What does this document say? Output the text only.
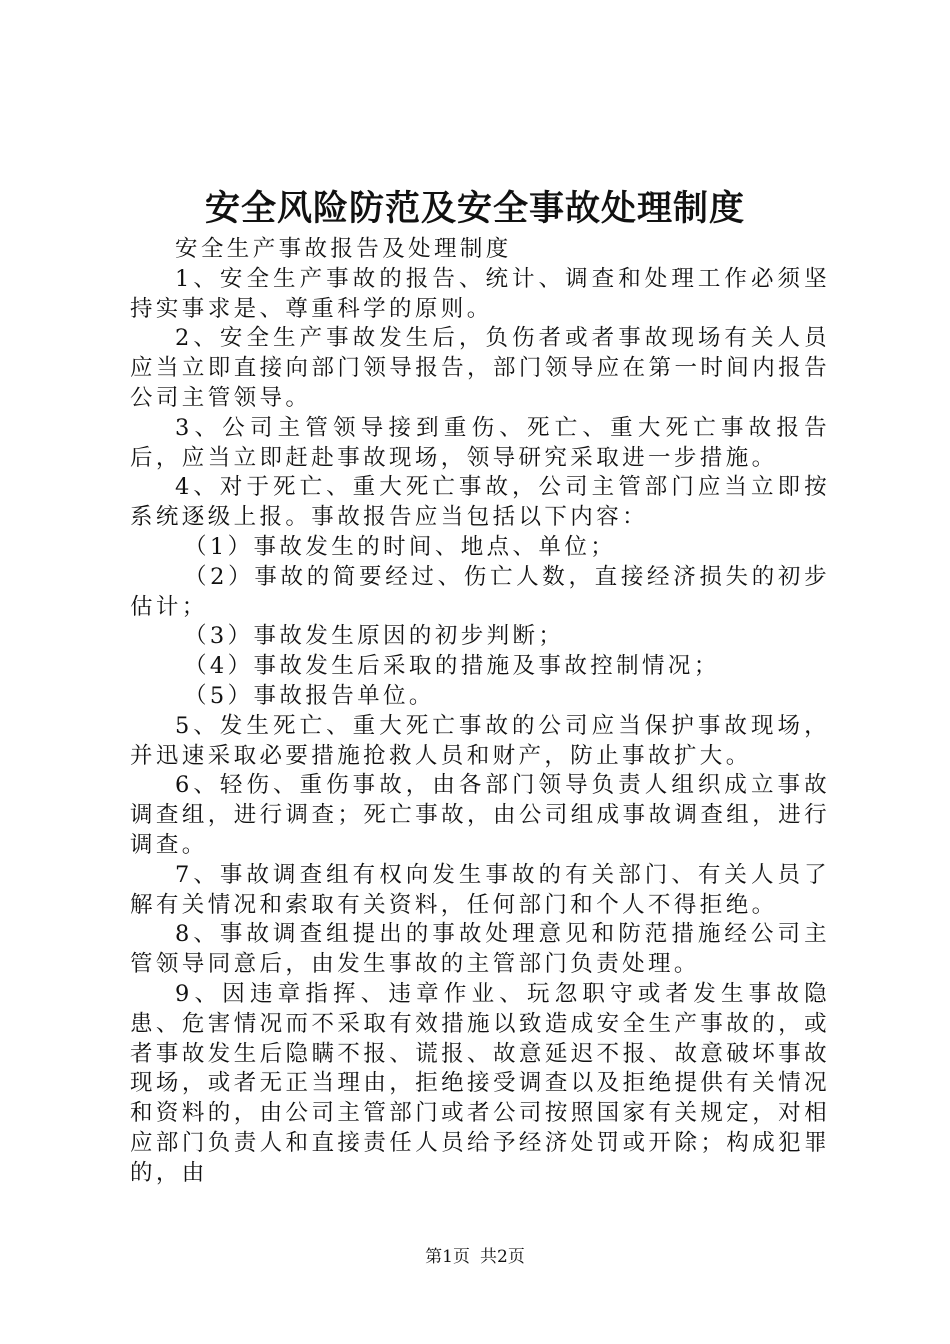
安全风险防范及安全事故处理制度

安全生产事故报告及处理制度

1、安全生产事故的报告、统计、调查和处理工作必须坚持实事求是、尊重科学的原则。

2、安全生产事故发生后，负伤者或者事故现场有关人员应当立即直接向部门领导报告，部门领导应在第一时间内报告公司主管领导。

3、公司主管领导接到重伤、死亡、重大死亡事故报告后，应当立即赶赴事故现场，领导研究采取进一步措施。

4、对于死亡、重大死亡事故，公司主管部门应当立即按系统逐级上报。事故报告应当包括以下内容：

（1）事故发生的时间、地点、单位；

（2）事故的简要经过、伤亡人数，直接经济损失的初步估计；

（3）事故发生原因的初步判断；

（4）事故发生后采取的措施及事故控制情况；

（5）事故报告单位。

5、发生死亡、重大死亡事故的公司应当保护事故现场，并迅速采取必要措施抢救人员和财产，防止事故扩大。

6、轻伤、重伤事故，由各部门领导负责人组织成立事故调查组，进行调查；死亡事故，由公司组成事故调查组，进行调查。

7、事故调查组有权向发生事故的有关部门、有关人员了解有关情况和索取有关资料，任何部门和个人不得拒绝。

8、事故调查组提出的事故处理意见和防范措施经公司主管领导同意后，由发生事故的主管部门负责处理。

9、因违章指挥、违章作业、玩忽职守或者发生事故隐患、危害情况而不采取有效措施以致造成安全生产事故的，或者事故发生后隐瞒不报、谎报、故意延迟不报、故意破坏事故现场，或者无正当理由，拒绝接受调查以及拒绝提供有关情况和资料的，由公司主管部门或者公司按照国家有关规定，对相应部门负责人和直接责任人员给予经济处罚或开除；构成犯罪的，由

第1页 共2页
